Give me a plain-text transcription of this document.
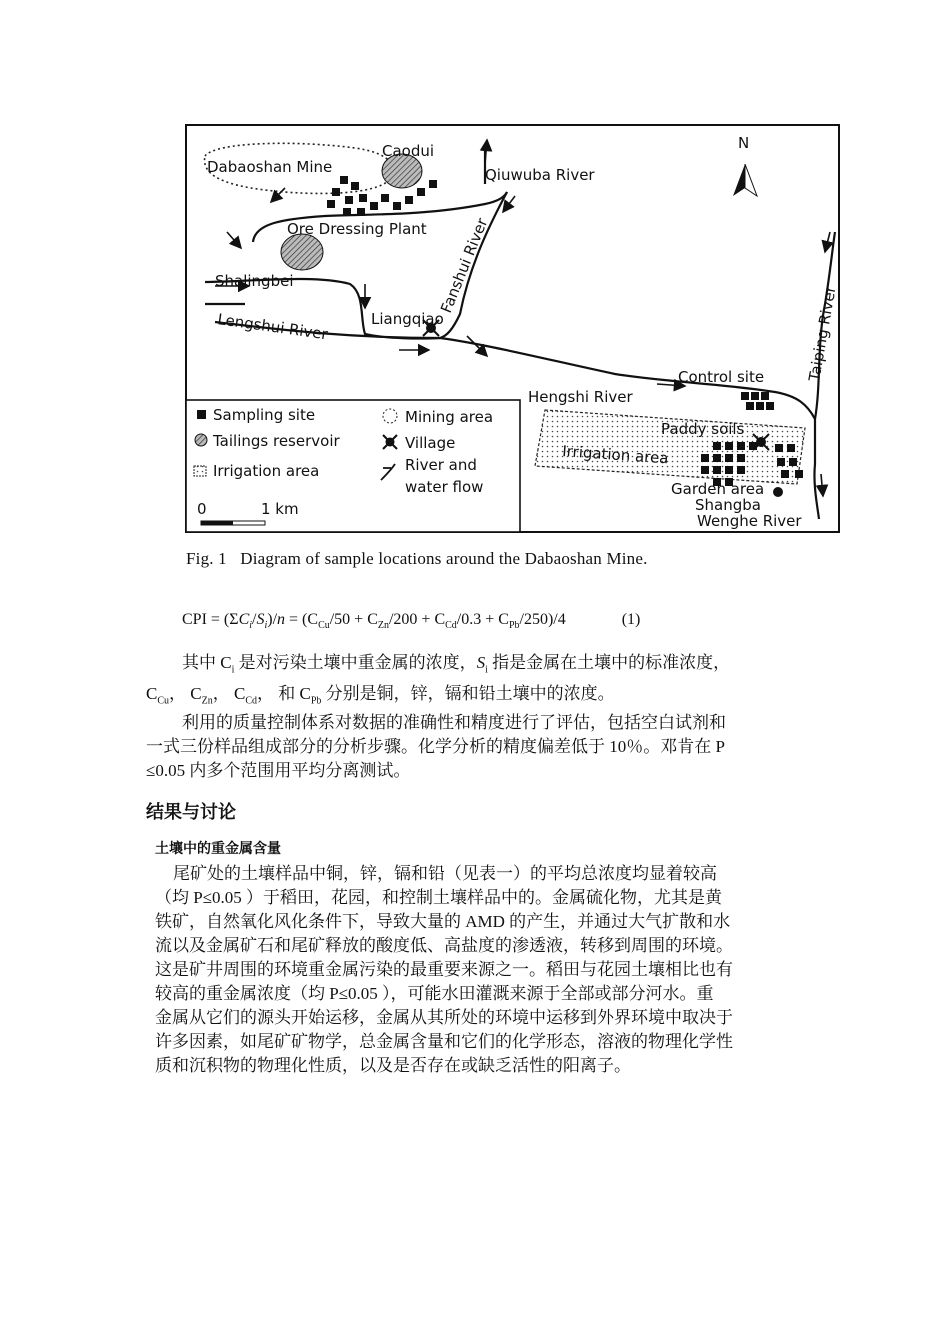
N
Dabaoshan Mine
Caodui
Qiuwuba River
Ore Dressing Plant Fanshui River
Shalingbei
Liangqiao
Lengshui River	Taiping River
Control site
Hengshi River
Paddy soils
Irrigation area
Garden area
Shangba
Wenghe River
Sampling site
Tailings reservoir
Irrigation area
Mining area
Village
River and
water flow
0	1 km
Fig. 1   Diagram of sample locations around the Dabaoshan Mine.
CPI = $(\Sigma C_i/S_i)/n = (C_{Cu}/50 + C_{Zn}/200 + C_{Cd}/0.3 + C_{Pb}/250)/4$	(1)
其中 $C_i$ 是对污染土壤中重金属的浓度，$S_i$ 指是金属在土壤中的标准浓度，
$C_{Cu}$， $C_{Zn}$， $C_{Cd}$， 和 $C_{Pb}$ 分别是铜，锌，镉和铅土壤中的浓度。
利用的质量控制体系对数据的准确性和精度进行了评估，包括空白试剂和
一式三份样品组成部分的分析步骤。化学分析的精度偏差低于 10％。邓肯在 P
≤0.05 内多个范围用平均分离测试。
结果与讨论
土壤中的重金属含量
尾矿处的土壤样品中铜，锌，镉和铅（见表一）的平均总浓度均显着较高
（均 P≤0.05 ）于稻田，花园，和控制土壤样品中的。金属硫化物，尤其是黄
铁矿，自然氧化风化条件下，导致大量的 AMD 的产生，并通过大气扩散和水
流以及金属矿石和尾矿释放的酸度低、高盐度的渗透液，转移到周围的环境。
这是矿井周围的环境重金属污染的最重要来源之一。稻田与花园土壤相比也有
较高的重金属浓度（均 P≤0.05 ），可能水田灌溉来源于全部或部分河水。重
金属从它们的源头开始运移，金属从其所处的环境中运移到外界环境中取决于
许多因素，如尾矿矿物学，总金属含量和它们的化学形态，溶液的物理化学性
质和沉积物的物理化性质，以及是否存在或缺乏活性的阳离子。
